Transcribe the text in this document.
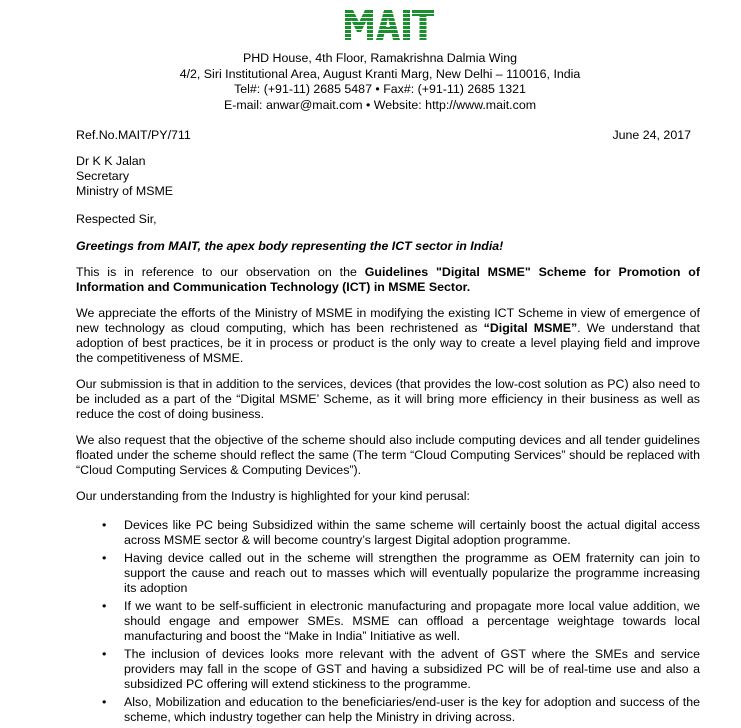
PHD House, 4th Floor, Ramakrishna Dalmia Wing
4/2, Siri Institutional Area, August Kranti Marg, New Delhi – 110016, India
Tel#: (+91-11) 2685 5487 • Fax#: (+91-11) 2685 1321
E-mail: anwar@mait.com • Website: http://www.mait.com
Ref.No.MAIT/PY/711	June 24, 2017
Dr K K Jalan
Secretary
Ministry of MSME
Respected Sir,
Greetings from MAIT, the apex body representing the ICT sector in India!
This is in reference to our observation on the Guidelines "Digital MSME" Scheme for Promotion of Information and Communication Technology (ICT) in MSME Sector.
We appreciate the efforts of the Ministry of MSME in modifying the existing ICT Scheme in view of emergence of new technology as cloud computing, which has been rechristened as “Digital MSME”. We understand that adoption of best practices, be it in process or product is the only way to create a level playing field and improve the competitiveness of MSME.
Our submission is that in addition to the services, devices (that provides the low-cost solution as PC) also need to be included as a part of the “Digital MSME’ Scheme, as it will bring more efficiency in their business as well as reduce the cost of doing business.
We also request that the objective of the scheme should also include computing devices and all tender guidelines floated under the scheme should reflect the same (The term “Cloud Computing Services” should be replaced with “Cloud Computing Services & Computing Devices”).
Our understanding from the Industry is highlighted for your kind perusal:
• Devices like PC being Subsidized within the same scheme will certainly boost the actual digital access across MSME sector & will become country’s largest Digital adoption programme.
• Having device called out in the scheme will strengthen the programme as OEM fraternity can join to support the cause and reach out to masses which will eventually popularize the programme increasing its adoption
• If we want to be self-sufficient in electronic manufacturing and propagate more local value addition, we should engage and empower SMEs. MSME can offload a percentage weightage towards local manufacturing and boost the “Make in India” Initiative as well.
• The inclusion of devices looks more relevant with the advent of GST where the SMEs and service providers may fall in the scope of GST and having a subsidized PC will be of real-time use and also a subsidized PC offering will extend stickiness to the programme.
• Also, Mobilization and education to the beneficiaries/end-user is the key for adoption and success of the scheme, which industry together can help the Ministry in driving across.
